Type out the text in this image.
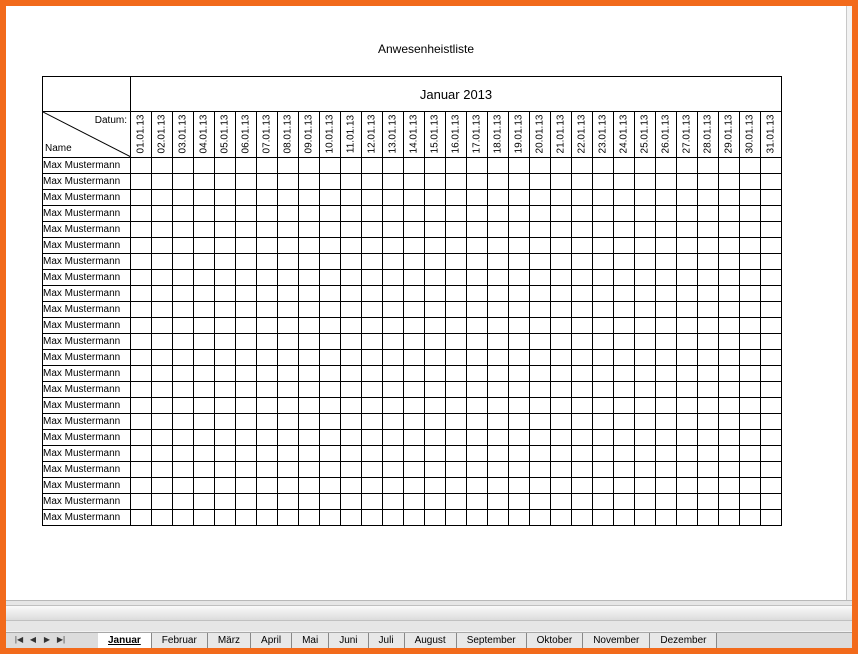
Anwesenheistliste
	Januar 2013																														

Datum:
Name	01.01.13	02.01.13	03.01.13	04.01.13	05.01.13	06.01.13	07.01.13	08.01.13	09.01.13	10.01.13	11.01.13	12.01.13	13.01.13	14.01.13	15.01.13	16.01.13	17.01.13	18.01.13	19.01.13	20.01.13	21.01.13	22.01.13	23.01.13	24.01.13	25.01.13	26.01.13	27.01.13	28.01.13	29.01.13	30.01.13	31.01.13

Max Mustermann																															
Max Mustermann																															
Max Mustermann																															
Max Mustermann																															
Max Mustermann																															
Max Mustermann																															
Max Mustermann																															
Max Mustermann																															
Max Mustermann																															
Max Mustermann																															
Max Mustermann																															
Max Mustermann																															
Max Mustermann																															
Max Mustermann																															
Max Mustermann																															
Max Mustermann																															
Max Mustermann																															
Max Mustermann																															
Max Mustermann																															
Max Mustermann																															
Max Mustermann																															
Max Mustermann																															
Max Mustermann																															
|◀ ◀ ▶ ▶|	Januar	Februar	März	April	Mai	Juni	Juli	August	September	Oktober	November	Dezember
